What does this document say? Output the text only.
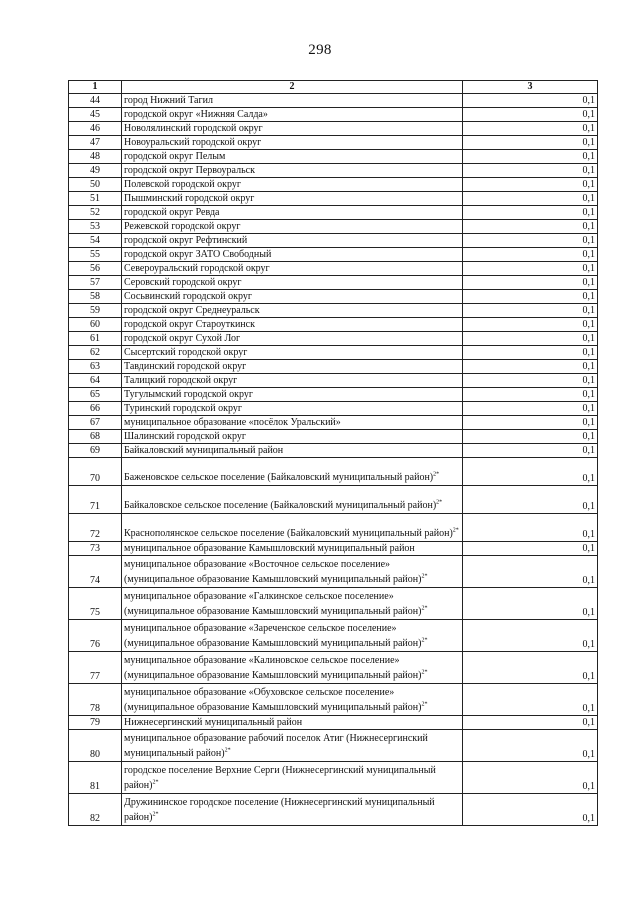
298
1	2	3
44	город Нижний Тагил	0,1
45	городской округ «Нижняя Салда»	0,1
46	Новолялинский городской округ	0,1
47	Новоуральский городской округ	0,1
48	городской округ Пелым	0,1
49	городской округ Первоуральск	0,1
50	Полевской городской округ	0,1
51	Пышминский городской округ	0,1
52	городской округ Ревда	0,1
53	Режевской городской округ	0,1
54	городской округ Рефтинский	0,1
55	городской округ ЗАТО Свободный	0,1
56	Североуральский городской округ	0,1
57	Серовский городской округ	0,1
58	Сосьвинский городской округ	0,1
59	городской округ Среднеуральск	0,1
60	городской округ Староуткинск	0,1
61	городской округ Сухой Лог	0,1
62	Сысертский городской округ	0,1
63	Тавдинский городской округ	0,1
64	Талицкий городской округ	0,1
65	Тугулымский городской округ	0,1
66	Туринский городской округ	0,1
67	муниципальное образование «посёлок Уральский»	0,1
68	Шалинский городской округ	0,1
69	Байкаловский муниципальный район	0,1
70	Баженовское сельское поселение (Байкаловский муниципальный район)$^{2*}$	0,1
71	Байкаловское сельское поселение (Байкаловский муниципальный район)$^{2*}$	0,1
72	Краснополянское сельское поселение (Байкаловский муниципальный район)$^{2*}$	0,1
73	муниципальное образование Камышловский муниципальный район	0,1
74	муниципальное образование «Восточное сельское поселение» (муниципальное образование Камышловский муниципальный район)$^{2*}$	0,1
75	муниципальное образование «Галкинское сельское поселение» (муниципальное образование Камышловский муниципальный район)$^{2*}$	0,1
76	муниципальное образование «Зареченское сельское поселение» (муниципальное образование Камышловский муниципальный район)$^{2*}$	0,1
77	муниципальное образование «Калиновское сельское поселение» (муниципальное образование Камышловский муниципальный район)$^{2*}$	0,1
78	муниципальное образование «Обуховское сельское поселение» (муниципальное образование Камышловский муниципальный район)$^{2*}$	0,1
79	Нижнесергинский муниципальный район	0,1
80	муниципальное образование рабочий поселок Атиг (Нижнесергинский муниципальный район)$^{2*}$	0,1
81	городское поселение Верхние Серги (Нижнесергинский муниципальный район)$^{2*}$	0,1
82	Дружининское городское поселение (Нижнесергинский муниципальный район)$^{2*}$	0,1
